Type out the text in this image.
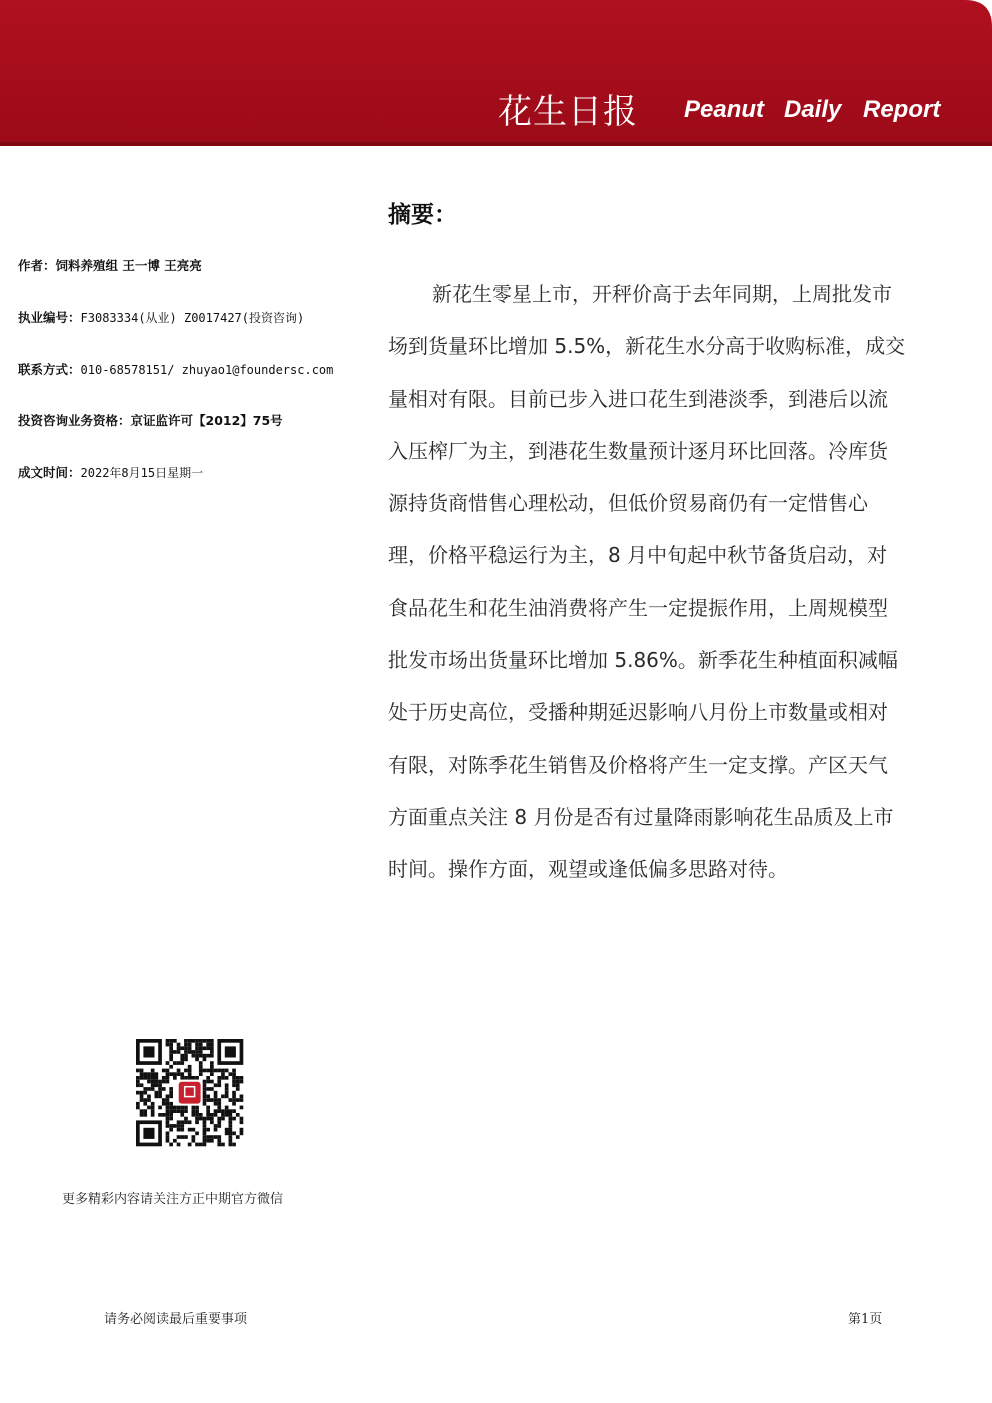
花生日报 Peanut Daily Report
作者：饲料养殖组 王一博 王亮亮
执业编号：F3083334(从业) Z0017427(投资咨询)
联系方式：010-68578151/ zhuyao1@foundersc.com
投资咨询业务资格：京证监许可【2012】75号
成文时间：2022年8月15日星期一
摘要：
新花生零星上市，开秤价高于去年同期，上周批发市
场到货量环比增加 5.5%，新花生水分高于收购标准，成交
量相对有限。目前已步入进口花生到港淡季，到港后以流
入压榨厂为主，到港花生数量预计逐月环比回落。冷库货
源持货商惜售心理松动，但低价贸易商仍有一定惜售心
理，价格平稳运行为主，8 月中旬起中秋节备货启动，对
食品花生和花生油消费将产生一定提振作用，上周规模型
批发市场出货量环比增加 5.86%。新季花生种植面积减幅
处于历史高位，受播种期延迟影响八月份上市数量或相对
有限，对陈季花生销售及价格将产生一定支撑。产区天气
方面重点关注 8 月份是否有过量降雨影响花生品质及上市
时间。操作方面，观望或逢低偏多思路对待。
更多精彩内容请关注方正中期官方微信
请务必阅读最后重要事项	第1页
